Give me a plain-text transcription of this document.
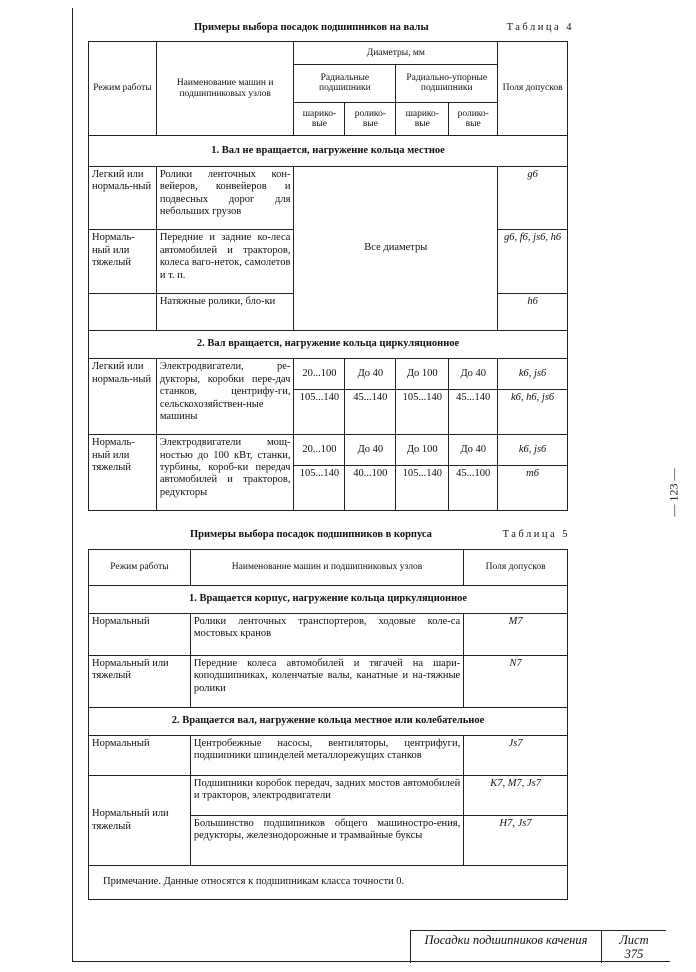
Примеры выбора посадок подшипников на валы	Таблица 4
Режим работы	Наименование машин и подшипниковых узлов	Диаметры, мм				Поля допусков
		Радиальные подшипники		Радиально-упорные подшипники		
		шарико-вые	ролико-вые	шарико-вые	ролико-вые	
1. Вал не вращается, нагружение кольца местное						
Легкий или нормаль-ный	Ролики ленточных кон-вейеров, конвейеров и подвесных дорог для небольших грузов	Все диаметры				g6
Нормаль-ный или тяжелый	Передние и задние ко-леса автомобилей и тракторов, колеса ваго-неток, самолетов и т. п.					g6, f6, js6, h6
	Натяжные ролики, бло-ки					h6
2. Вал вращается, нагружение кольца циркуляционное						
Легкий или нормаль-ный	Электродвигатели, ре-дукторы, коробки пере-дач станков, центрифу-ги, сельскохозяйствен-ные машины	20...100	До 40	До 100	До 40	k6, js6
		105...140	45...140	105...140	45...140	k6, h6, js6
Нормаль-ный или тяжелый	Электродвигатели мощ-ностью до 100 кВт, станки, турбины, короб-ки передач автомобилей и тракторов, редукторы	20...100	До 40	До 100	До 40	k6, js6
		105...140	40...100	105...140	45...100	m6	— 123 —
Примеры выбора посадок подшипников в корпуса	Таблица 5
Режим работы	Наименование машин и подшипниковых узлов	Поля допусков
1. Вращается корпус, нагружение кольца циркуляционное		
Нормальный	Ролики ленточных транспортеров, ходовые коле-са мостовых кранов	M7
Нормальный или тяжелый	Передние колеса автомобилей и тягачей на шари-коподшипниках, коленчатые валы, канатные и на-тяжные ролики	N7
2. Вращается вал, нагружение кольца местное или колебательное		
Нормальный	Центробежные насосы, вентиляторы, центрифуги, подшипники шпинделей металлорежущих станков	Js7
Нормальный или тяжелый	Подшипники коробок передач, задних мостов автомобилей и тракторов, электродвигатели	K7, M7, Js7
	Большинство подшипников общего машиностро-ения, редукторы, железнодорожные и трамвайные буксы	H7, Js7
Примечание. Данные относятся к подшипникам класса точности 0.		
Посадки подшипников качения	Лист
375
